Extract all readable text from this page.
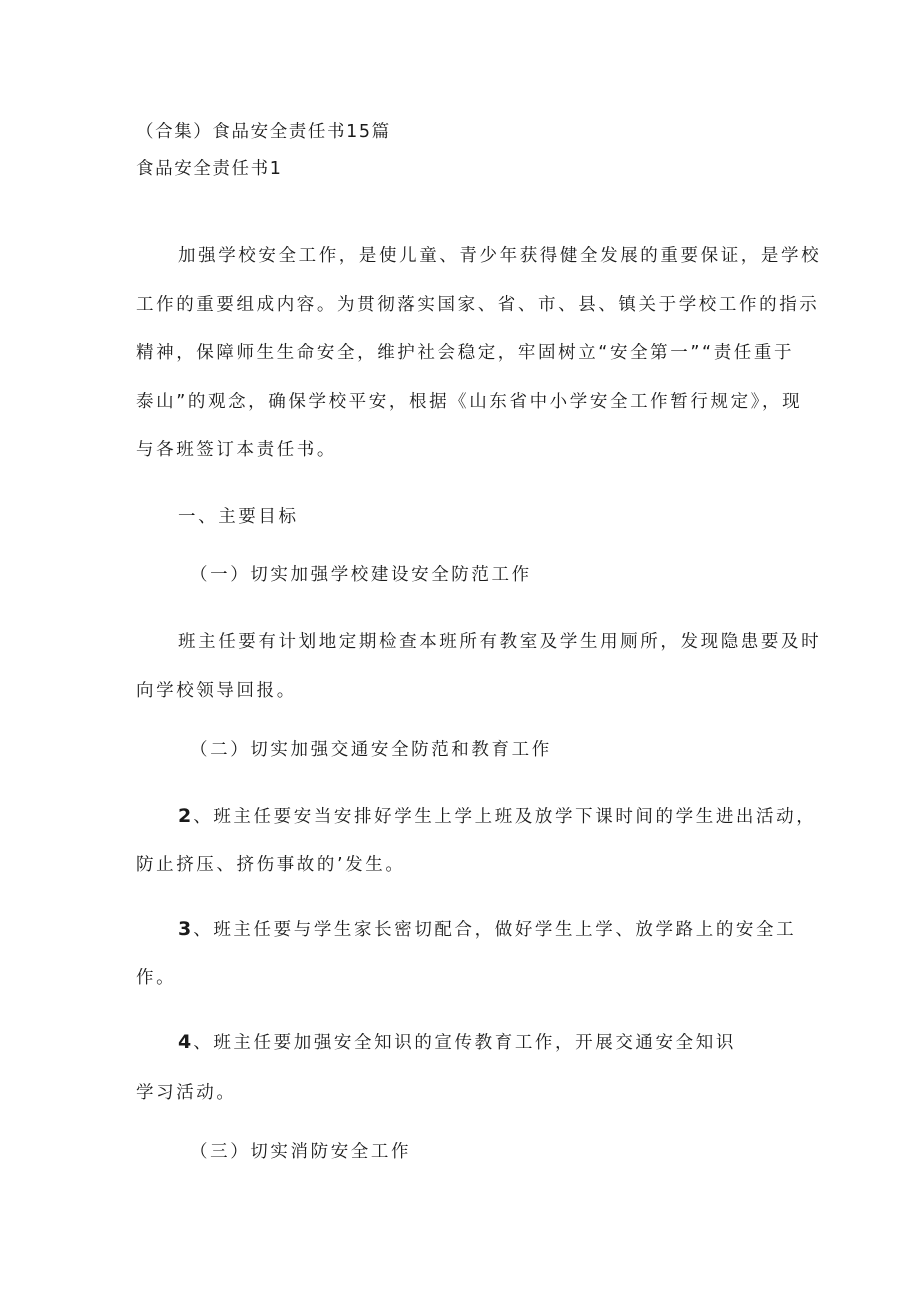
（合集）食品安全责任书15篇
食品安全责任书1
加强学校安全工作，是使儿童、青少年获得健全发展的重要保证，是学校
工作的重要组成内容。为贯彻落实国家、省、市、县、镇关于学校工作的指示
精神，保障师生生命安全，维护社会稳定，牢固树立“安全第一”“责任重于
泰山”的观念，确保学校平安，根据《山东省中小学安全工作暂行规定》，现
与各班签订本责任书。
一、主要目标
（一）切实加强学校建设安全防范工作
班主任要有计划地定期检查本班所有教室及学生用厕所，发现隐患要及时
向学校领导回报。
（二）切实加强交通安全防范和教育工作
2 、班主任要安当安排好学生上学上班及放学下课时间的学生进出活动，
防止挤压、挤伤事故的’发生。
3 、班主任要与学生家长密切配合，做好学生上学、放学路上的安全工
作。
4 、班主任要加强安全知识的宣传教育工作，开展交通安全知识
学习活动。
（三）切实消防安全工作
